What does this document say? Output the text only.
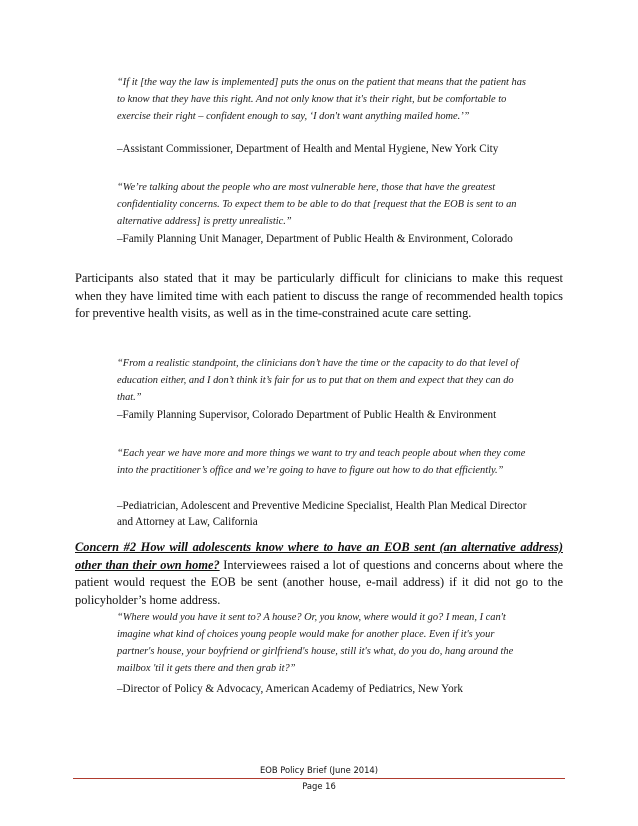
“If it [the way the law is implemented] puts the onus on the patient that means that the patient has to know that they have this right. And not only know that it's their right, but be comfortable to exercise their right – confident enough to say, ‘I don't want anything mailed home.’”
–Assistant Commissioner, Department of Health and Mental Hygiene, New York City
“We’re talking about the people who are most vulnerable here, those that have the greatest confidentiality concerns. To expect them to be able to do that [request that the EOB is sent to an alternative address] is pretty unrealistic.”
–Family Planning Unit Manager, Department of Public Health & Environment, Colorado
Participants also stated that it may be particularly difficult for clinicians to make this request when they have limited time with each patient to discuss the range of recommended health topics for preventive health visits, as well as in the time-constrained acute care setting.
“From a realistic standpoint, the clinicians don’t have the time or the capacity to do that level of education either, and I don’t think it’s fair for us to put that on them and expect that they can do that.”
–Family Planning Supervisor, Colorado Department of Public Health & Environment
“Each year we have more and more things we want to try and teach people about when they come into the practitioner’s office and we’re going to have to figure out how to do that efficiently.”
–Pediatrician, Adolescent and Preventive Medicine Specialist, Health Plan Medical Director and Attorney at Law, California
Concern #2 How will adolescents know where to have an EOB sent (an alternative address) other than their own home? Interviewees raised a lot of questions and concerns about where the patient would request the EOB be sent (another house, e-mail address) if it did not go to the policyholder’s home address.
“Where would you have it sent to? A house? Or, you know, where would it go? I mean, I can't imagine what kind of choices young people would make for another place. Even if it's your partner's house, your boyfriend or girlfriend's house, still it's what, do you do, hang around the mailbox 'til it gets there and then grab it?”
–Director of Policy & Advocacy, American Academy of Pediatrics, New York
EOB Policy Brief (June 2014)
Page 16
